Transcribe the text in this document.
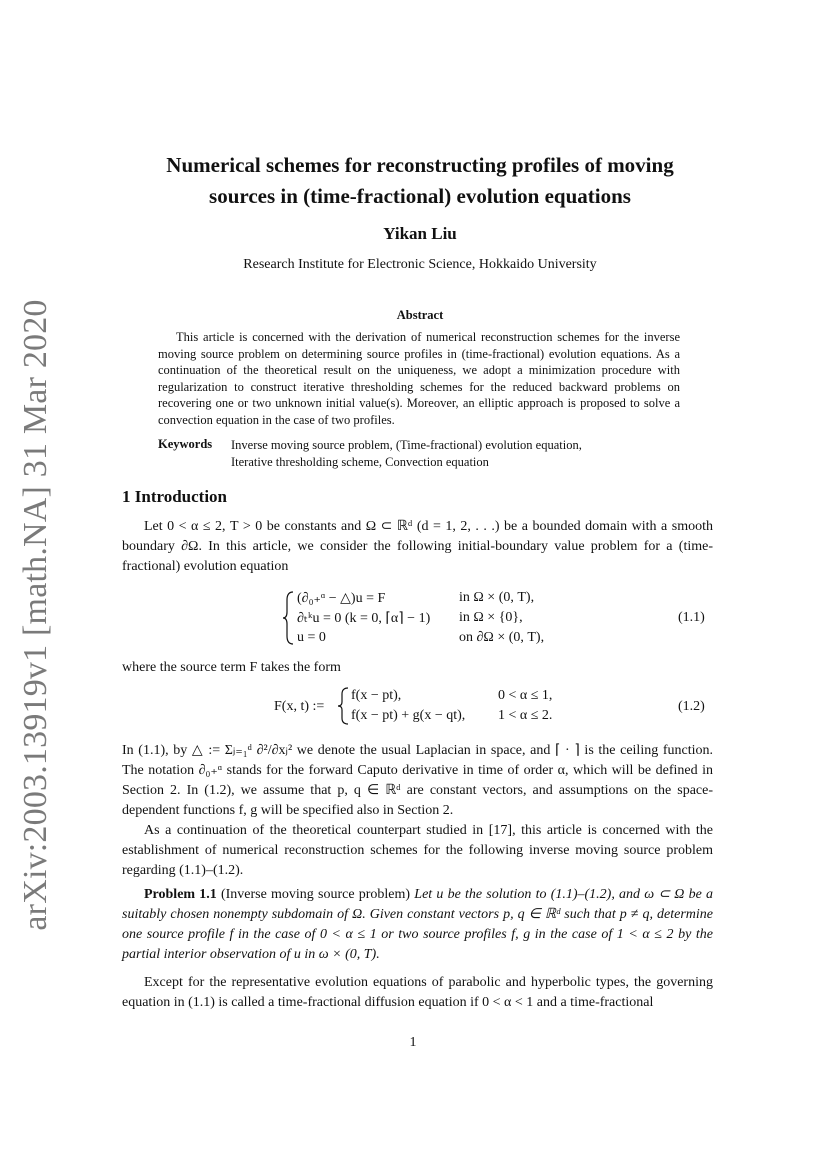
arXiv:2003.13919v1 [math.NA] 31 Mar 2020
Numerical schemes for reconstructing profiles of moving
sources in (time-fractional) evolution equations
Yikan Liu
Research Institute for Electronic Science, Hokkaido University
Abstract
This article is concerned with the derivation of numerical reconstruction schemes for the inverse moving source problem on determining source profiles in (time-fractional) evolution equations. As a continuation of the theoretical result on the uniqueness, we adopt a minimization procedure with regularization to construct iterative thresholding schemes for the reduced backward problems on recovering one or two unknown initial value(s). Moreover, an elliptic approach is proposed to solve a convection equation in the case of two profiles.
Keywords Inverse moving source problem, (Time-fractional) evolution equation,
Iterative thresholding scheme, Convection equation
1 Introduction
Let 0 < α ≤ 2, T > 0 be constants and Ω ⊂ ℝᵈ (d = 1, 2, . . .) be a bounded domain with a smooth boundary ∂Ω. In this article, we consider the following initial-boundary value problem for a (time-fractional) evolution equation
(∂₀₊ᵅ − △)u = F	in Ω × (0, T),
∂ₜᵏu = 0 (k = 0, ⌈α⌉ − 1) in Ω × {0},
u = 0	on ∂Ω × (0, T),
(1.1)
where the source term F takes the form
F(x, t) :=
f(x − pt),	0 < α ≤ 1,
f(x − pt) + g(x − qt), 1 < α ≤ 2.
(1.2)
In (1.1), by △ := Σⱼ₌₁ᵈ ∂²/∂xⱼ² we denote the usual Laplacian in space, and ⌈ · ⌉ is the ceiling function. The notation ∂₀₊ᵅ stands for the forward Caputo derivative in time of order α, which will be defined in Section 2. In (1.2), we assume that p, q ∈ ℝᵈ are constant vectors, and assumptions on the space-dependent functions f, g will be specified also in Section 2.
As a continuation of the theoretical counterpart studied in [17], this article is concerned with the establishment of numerical reconstruction schemes for the following inverse moving source problem regarding (1.1)–(1.2).
Problem 1.1 (Inverse moving source problem) Let u be the solution to (1.1)–(1.2), and ω ⊂ Ω be a suitably chosen nonempty subdomain of Ω. Given constant vectors p, q ∈ ℝᵈ such that p ≠ q, determine one source profile f in the case of 0 < α ≤ 1 or two source profiles f, g in the case of 1 < α ≤ 2 by the partial interior observation of u in ω × (0, T).
Except for the representative evolution equations of parabolic and hyperbolic types, the governing equation in (1.1) is called a time-fractional diffusion equation if 0 < α < 1 and a time-fractional
1
